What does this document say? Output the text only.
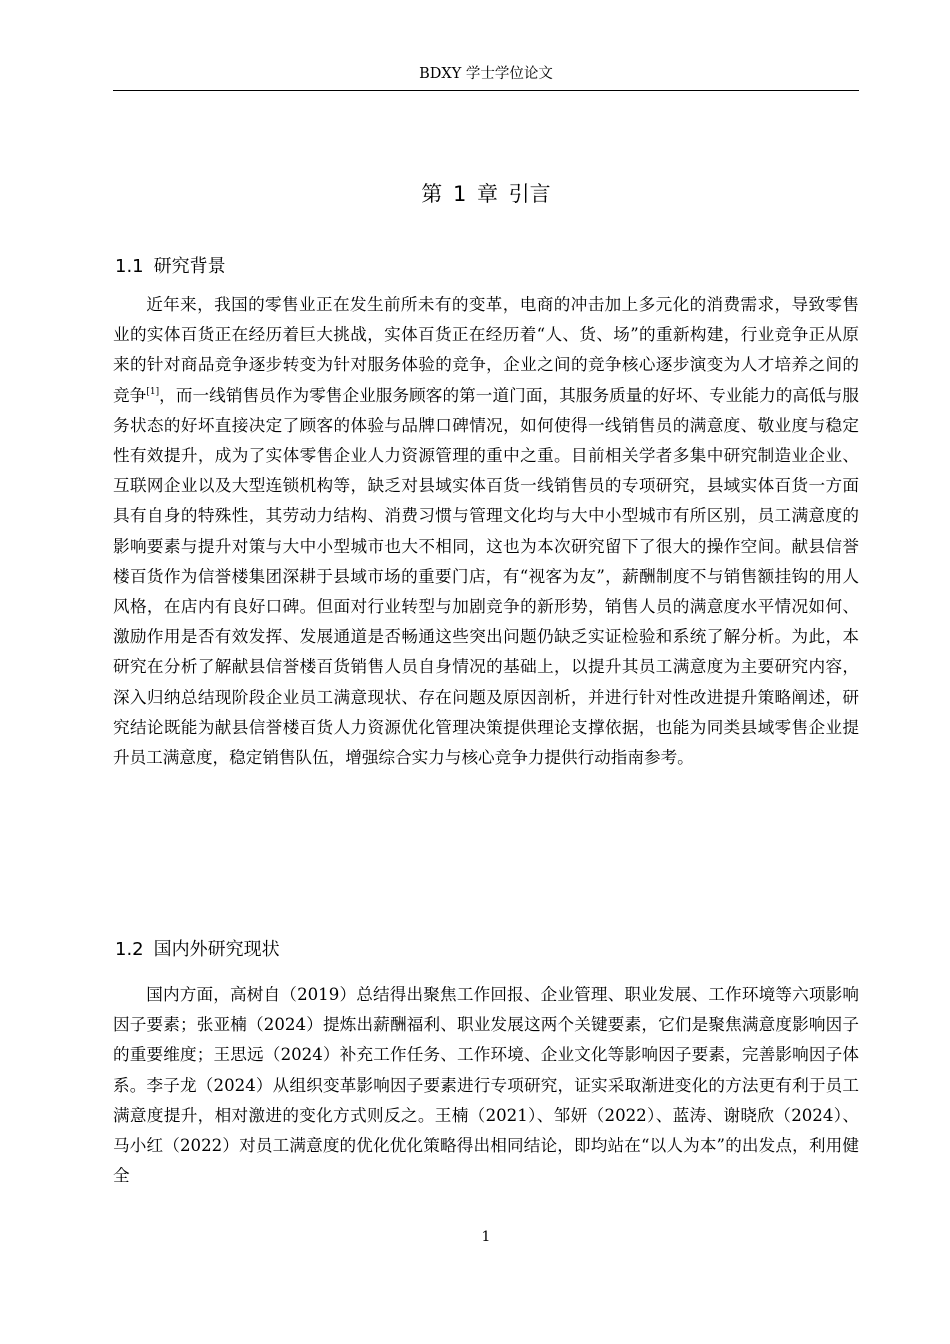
BDXY 学士学位论文
第 1 章 引言
1.1 研究背景

近年来，我国的零售业正在发生前所未有的变革，电商的冲击加上多元化的消费需求，导致零售业的实体百货正在经历着巨大挑战，实体百货正在经历着“人、货、场”的重新构建，行业竞争正从原来的针对商品竞争逐步转变为针对服务体验的竞争，企业之间的竞争核心逐步演变为人才培养之间的竞争[1]，而一线销售员作为零售企业服务顾客的第一道门面，其服务质量的好坏、专业能力的高低与服务状态的好坏直接决定了顾客的体验与品牌口碑情况，如何使得一线销售员的满意度、敬业度与稳定性有效提升，成为了实体零售企业人力资源管理的重中之重。目前相关学者多集中研究制造业企业、互联网企业以及大型连锁机构等，缺乏对县域实体百货一线销售员的专项研究，县域实体百货一方面具有自身的特殊性，其劳动力结构、消费习惯与管理文化均与大中小型城市有所区别，员工满意度的影响要素与提升对策与大中小型城市也大不相同，这也为本次研究留下了很大的操作空间。献县信誉楼百货作为信誉楼集团深耕于县域市场的重要门店，有“视客为友”，薪酬制度不与销售额挂钩的用人风格，在店内有良好口碑。但面对行业转型与加剧竞争的新形势，销售人员的满意度水平情况如何、激励作用是否有效发挥、发展通道是否畅通这些突出问题仍缺乏实证检验和系统了解分析。为此，本研究在分析了解献县信誉楼百货销售人员自身情况的基础上，以提升其员工满意度为主要研究内容，深入归纳总结现阶段企业员工满意现状、存在问题及原因剖析，并进行针对性改进提升策略阐述，研究结论既能为献县信誉楼百货人力资源优化管理决策提供理论支撑依据，也能为同类县域零售企业提升员工满意度，稳定销售队伍，增强综合实力与核心竞争力提供行动指南参考。

1.2 国内外研究现状

国内方面，高树自（2019）总结得出聚焦工作回报、企业管理、职业发展、工作环境等六项影响因子要素；张亚楠（2024）提炼出薪酬福利、职业发展这两个关键要素，它们是聚焦满意度影响因子的重要维度；王思远（2024）补充工作任务、工作环境、企业文化等影响因子要素，完善影响因子体系。李子龙（2024）从组织变革影响因子要素进行专项研究，证实采取渐进变化的方法更有利于员工满意度提升，相对激进的变化方式则反之。王楠（2021）、邹妍（2022）、蓝涛、谢晓欣（2024）、马小红（2022）对员工满意度的优化优化策略得出相同结论，即均站在“以人为本”的出发点，利用健全

1
